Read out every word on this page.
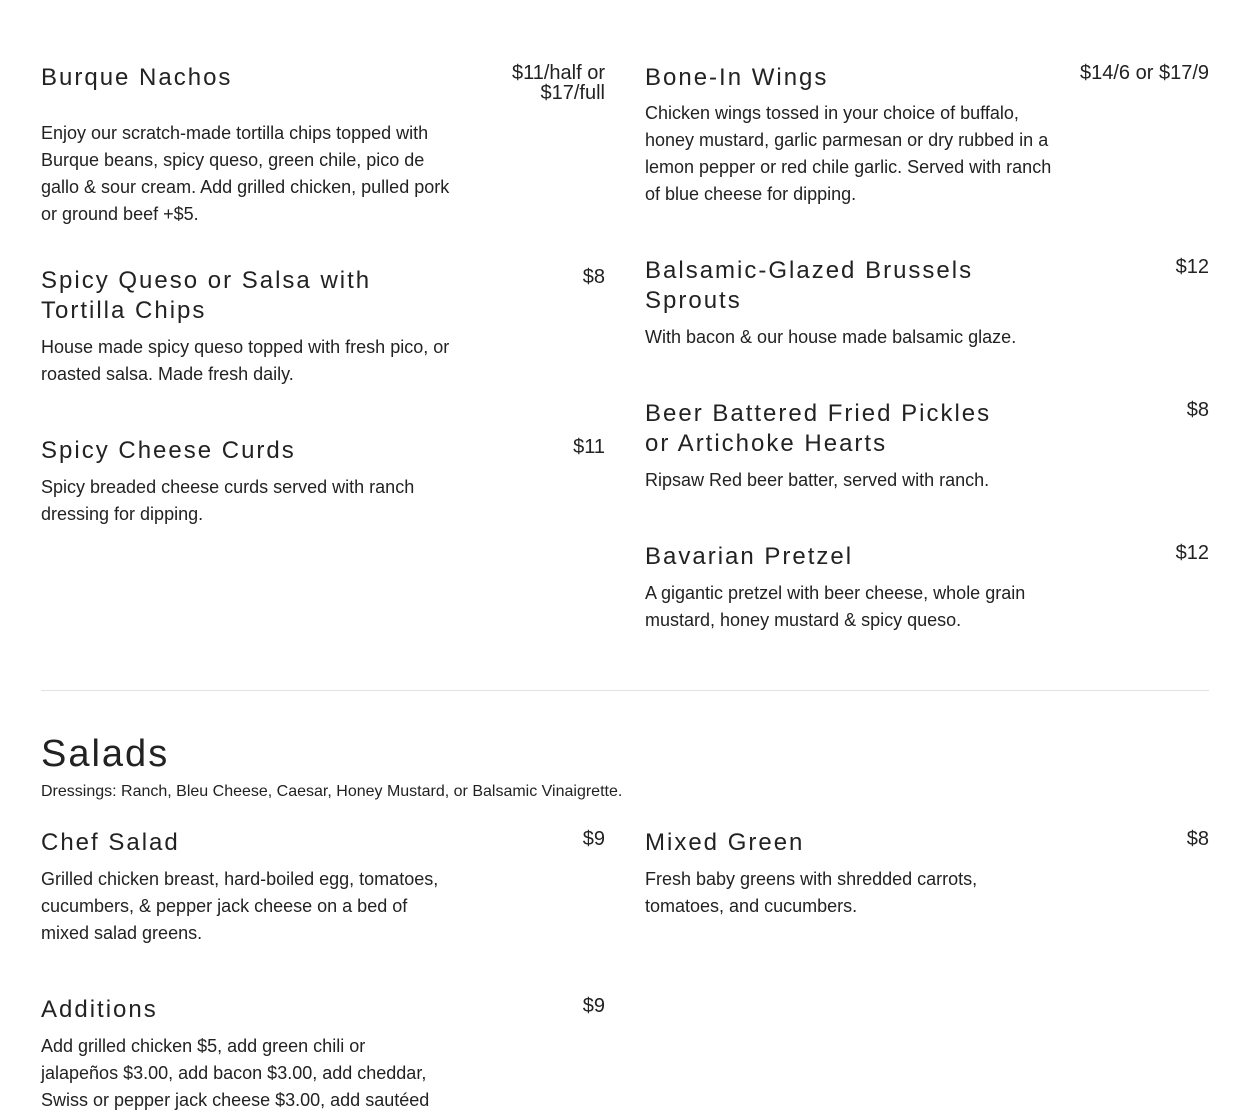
Burque Nachos	$11/half or $17/full

Enjoy our scratch-made tortilla chips topped with Burque beans, spicy queso, green chile, pico de gallo & sour cream. Add grilled chicken, pulled pork or ground beef +$5.

Spicy Queso or Salsa with Tortilla Chips
$8

House made spicy queso topped with fresh pico, or roasted salsa. Made fresh daily.

Spicy Cheese Curds	$11

Spicy breaded cheese curds served with ranch dressing for dipping.

Bone-In Wings	$14/6 or $17/9

Chicken wings tossed in your choice of buffalo, honey mustard, garlic parmesan or dry rubbed in a lemon pepper or red chile garlic. Served with ranch of blue cheese for dipping.

Balsamic-Glazed Brussels Sprouts
$12

With bacon & our house made balsamic glaze.

Beer Battered Fried Pickles or Artichoke Hearts
$8

Ripsaw Red beer batter, served with ranch.

Bavarian Pretzel	$12

A gigantic pretzel with beer cheese, whole grain mustard, honey mustard & spicy queso.

Salads
Dressings: Ranch, Bleu Cheese, Caesar, Honey Mustard, or Balsamic Vinaigrette.
Chef Salad	$9

Grilled chicken breast, hard-boiled egg, tomatoes, cucumbers, & pepper jack cheese on a bed of mixed salad greens.

Additions	$9

Add grilled chicken $5, add green chili or jalapeños $3.00, add bacon $3.00, add cheddar, Swiss or pepper jack cheese $3.00, add sautéed

Mixed Green	$8

Fresh baby greens with shredded carrots, tomatoes, and cucumbers.
